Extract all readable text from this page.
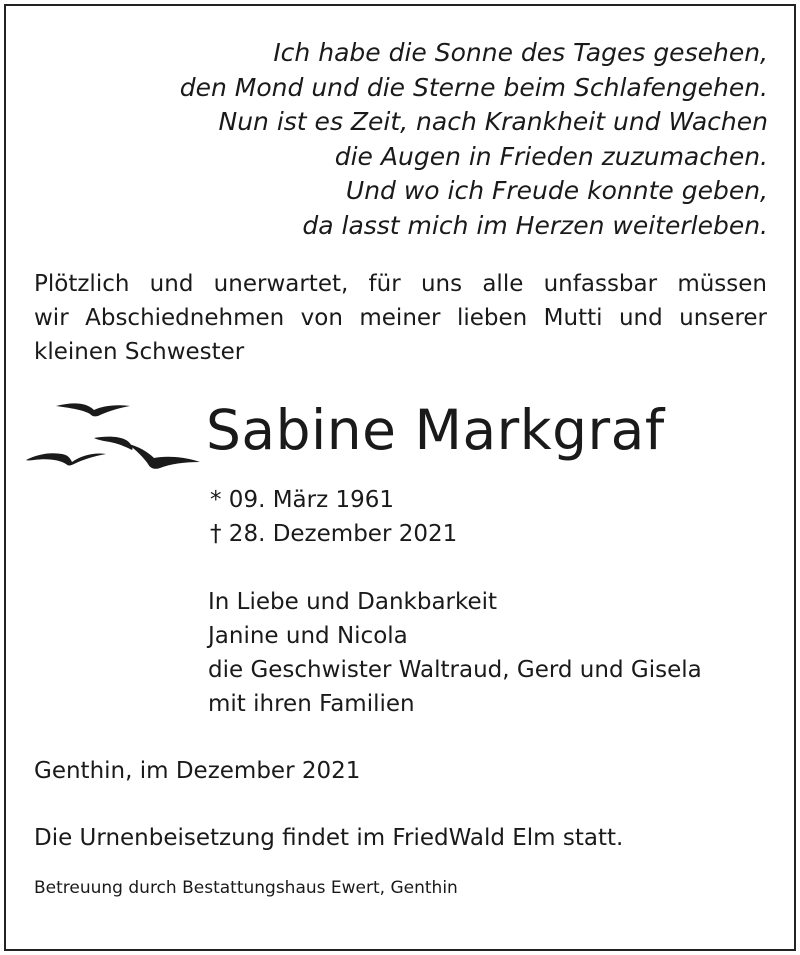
Ich habe die Sonne des Tages gesehen,
den Mond und die Sterne beim Schlafengehen.
Nun ist es Zeit, nach Krankheit und Wachen
die Augen in Frieden zuzumachen.
Und wo ich Freude konnte geben,
da lasst mich im Herzen weiterleben.
Plötzlich und unerwartet, für uns alle unfassbar müssen
wir Abschiednehmen von meiner lieben Mutti und unserer
kleinen Schwester
Sabine Markgraf
* 09. März 1961
† 28. Dezember 2021
In Liebe und Dankbarkeit
Janine und Nicola
die Geschwister Waltraud, Gerd und Gisela
mit ihren Familien
Genthin, im Dezember 2021
Die Urnenbeisetzung findet im FriedWald Elm statt.
Betreuung durch Bestattungshaus Ewert, Genthin
